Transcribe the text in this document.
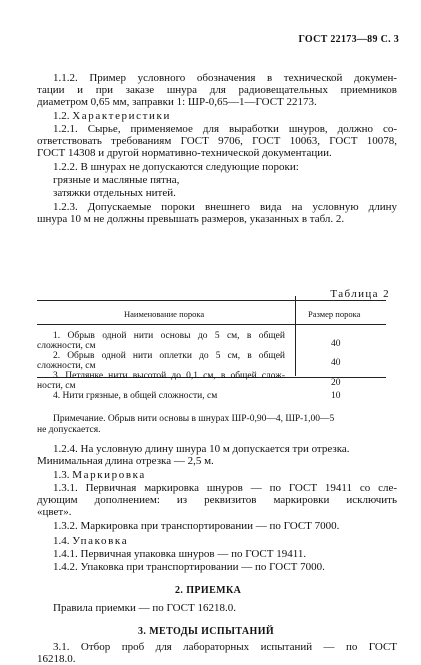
ГОСТ 22173—89 С. 3
1.1.2. Пример условного обозначения в технической докумен-
тации и при заказе шнура для радиовещательных приемников
диаметром 0,65 мм, заправки 1: ШР-0,65—1—ГОСТ 22173.
1.2. Характеристики
1.2.1. Сырье, применяемое для выработки шнуров, должно со-
ответствовать требованиям ГОСТ 9706, ГОСТ 10063, ГОСТ 10078,
ГОСТ 14308 и другой нормативно-технической документации.
1.2.2. В шнурах не допускаются следующие пороки:
грязные и масляные пятна,
затяжки отдельных нитей.
1.2.3. Допускаемые пороки внешнего вида на условную длину
шнура 10 м не должны превышать размеров, указанных в табл. 2.
Таблица 2
Наименование порока	Размер порока
1. Обрыв одной нити основы до 5 см, в общей
сложности, см	40
2. Обрыв одной нити оплетки до 5 см, в общей
сложности, см	40
3. Петлянке нити высотой до 0,1 см, в общей слож-
ности, см	20
4. Нити грязные, в общей сложности, см	10
Примечание. Обрыв нити основы в шнурах ШР-0,90—4, ШР-1,00—5
не допускается.
1.2.4. На условную длину шнура 10 м допускается три отрезка.
Минимальная длина отрезка — 2,5 м.
1.3. Маркировка
1.3.1. Первичная маркировка шнуров — по ГОСТ 19411 со сле-
дующим дополнением: из реквизитов маркировки исключить
«цвет».
1.3.2. Маркировка при транспортировании — по ГОСТ 7000.
1.4. Упаковка
1.4.1. Первичная упаковка шнуров — по ГОСТ 19411.
1.4.2. Упаковка при транспортировании — по ГОСТ 7000.
2. ПРИЕМКА
Правила приемки — по ГОСТ 16218.0.
3. МЕТОДЫ ИСПЫТАНИЙ
3.1. Отбор проб для лабораторных испытаний — по ГОСТ
16218.0.
